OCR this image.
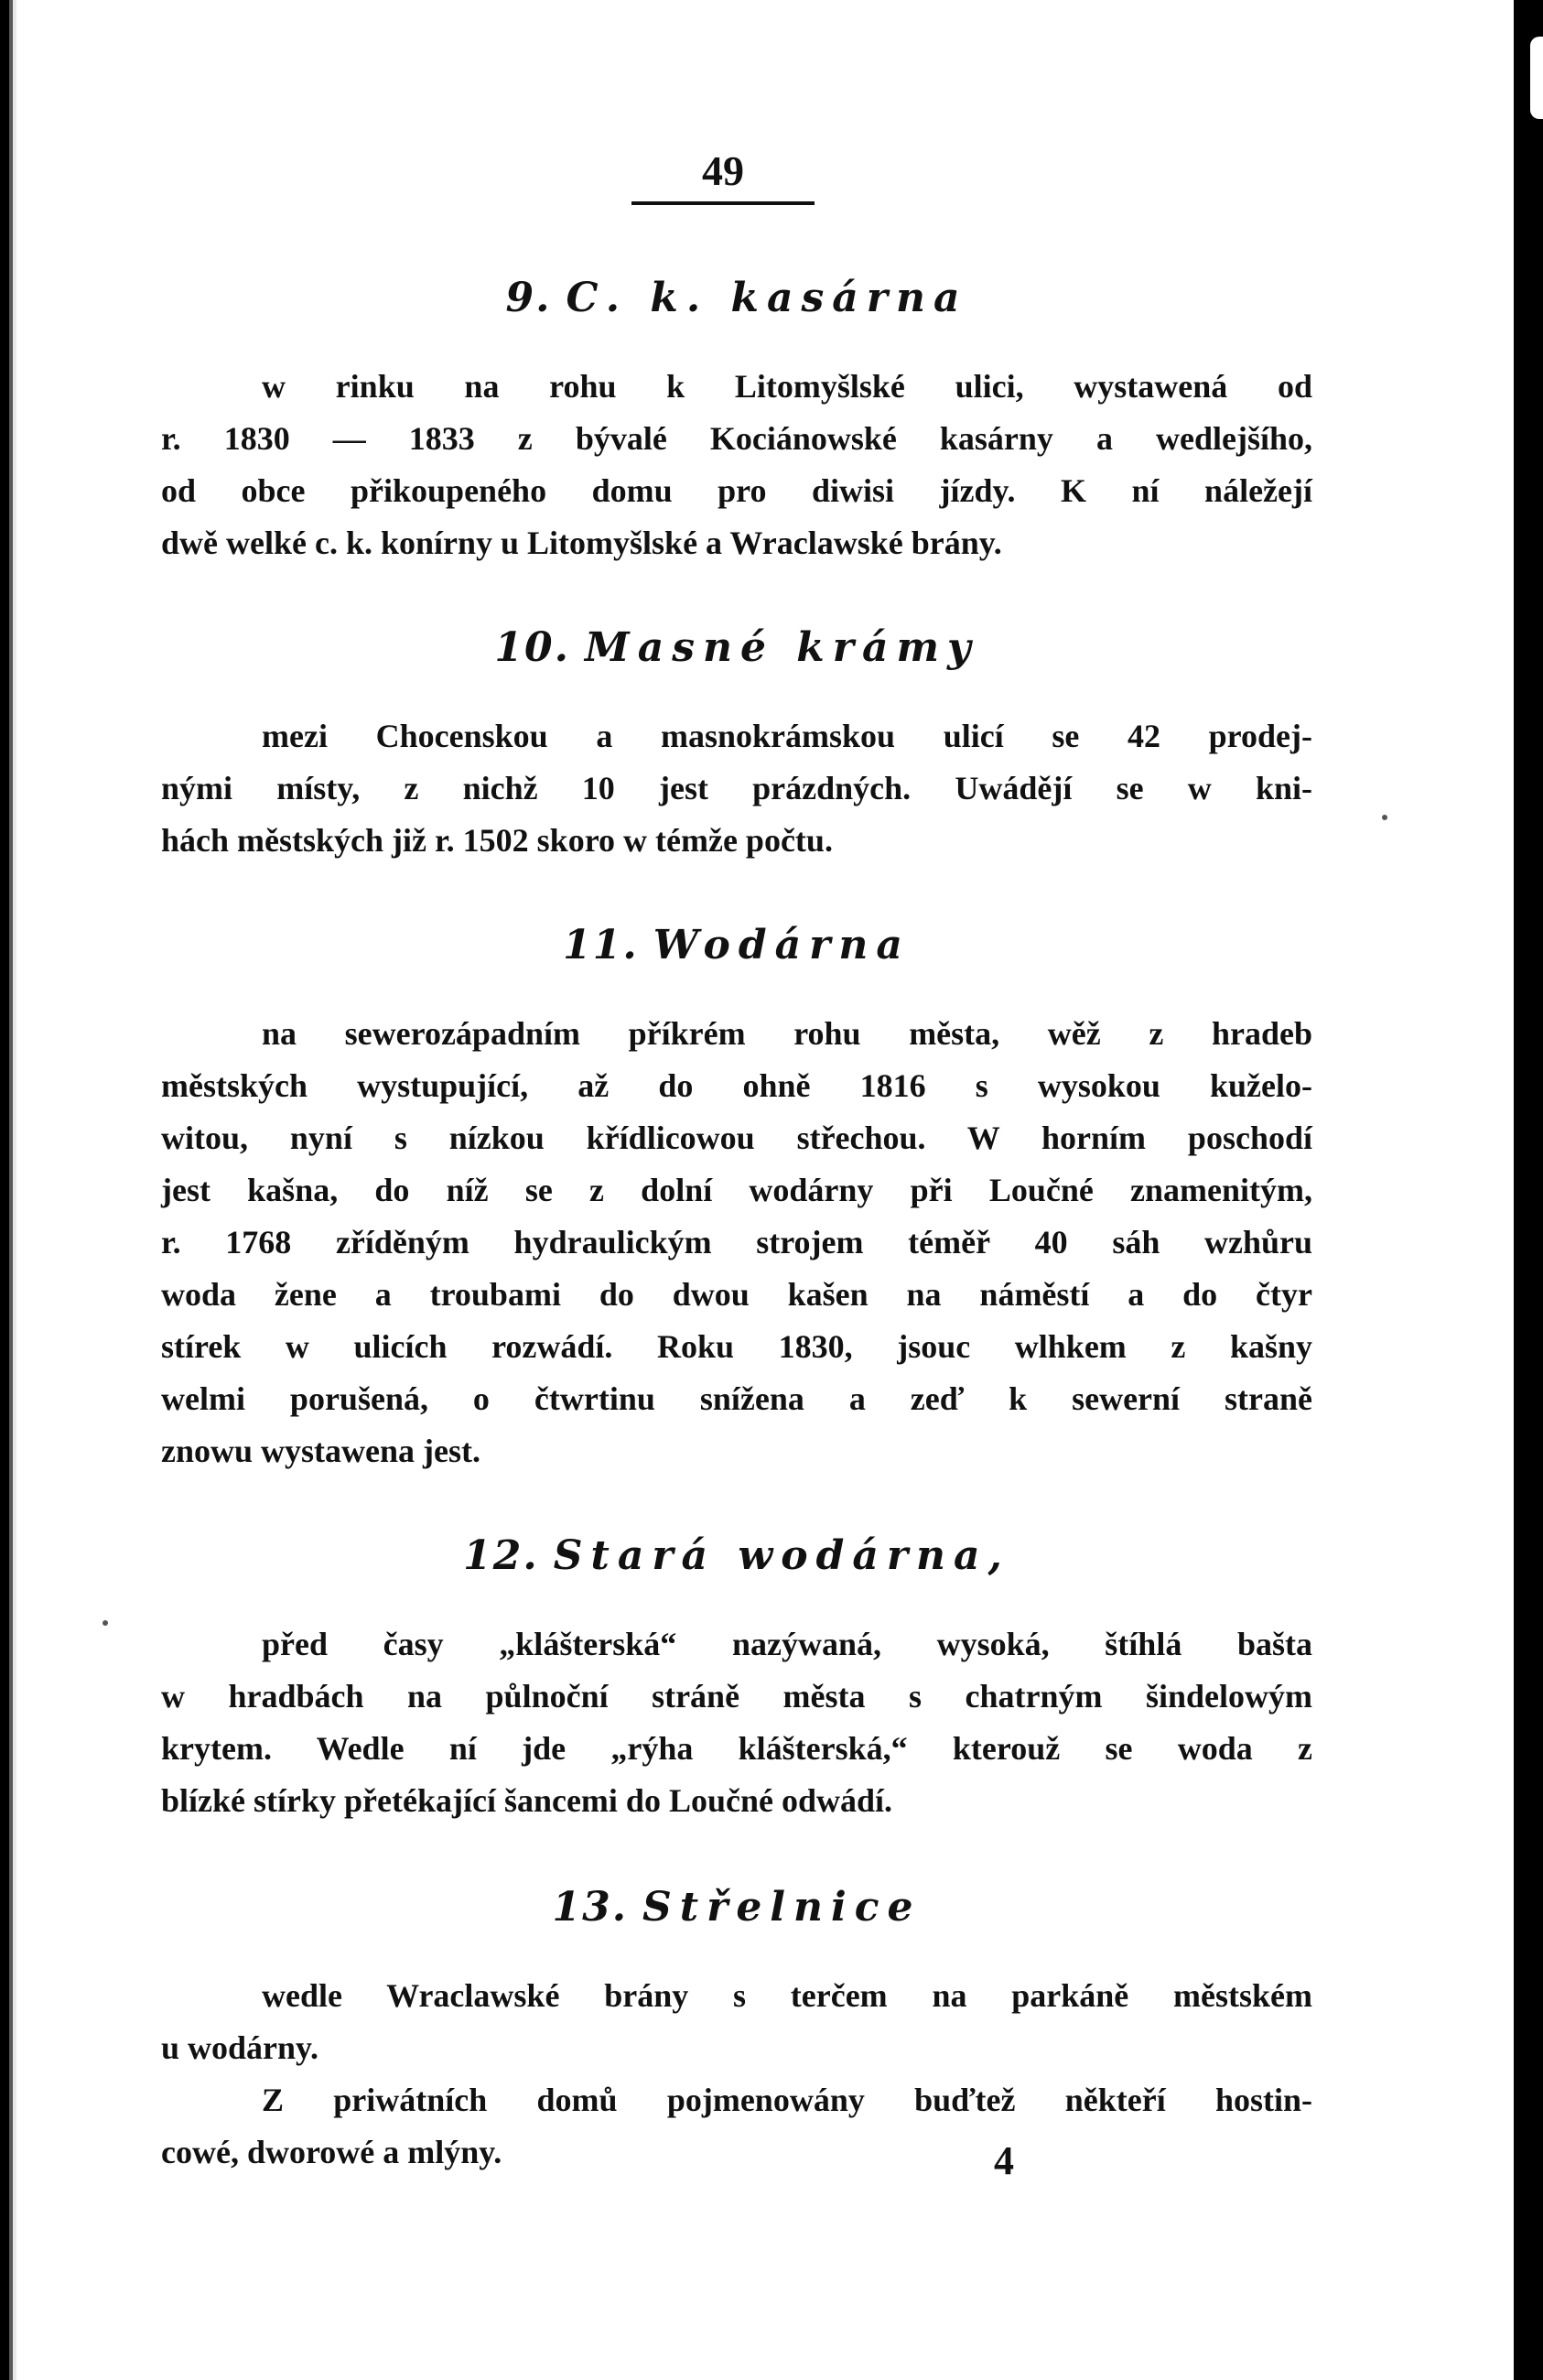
49
9. C. k. kasárna

w rinku na rohu k Litomyšlské ulici, wystawená od
r. 1830 — 1833 z bývalé Kociánowské kasárny a wedlejšího,
od obce přikoupeného domu pro diwisi jízdy. K ní náležejí
dwě welké c. k. konírny u Litomyšlské a Wraclawské brány.

10. Masné krámy

mezi Chocenskou a masnokrámskou ulicí se 42 prodej-
nými místy, z nichž 10 jest prázdných. Uwádějí se w kni-
hách městských již r. 1502 skoro w témže počtu.

11. Wodárna

na sewerozápadním příkrém rohu města, wěž z hradeb
městských wystupující, až do ohně 1816 s wysokou kuželo-
witou, nyní s nízkou křídlicowou střechou. W horním poschodí
jest kašna, do níž se z dolní wodárny při Loučné znamenitým,
r. 1768 zříděným hydraulickým strojem téměř 40 sáh wzhůru
woda žene a troubami do dwou kašen na náměstí a do čtyr
stírek w ulicích rozwádí. Roku 1830, jsouc wlhkem z kašny
welmi porušená, o čtwrtinu snížena a zeď k sewerní straně
znowu wystawena jest.

12. Stará wodárna,

před časy „klášterská“ nazýwaná, wysoká, štíhlá bašta
w hradbách na půlnoční stráně města s chatrným šindelowým
krytem. Wedle ní jde „rýha klášterská,“ kterouž se woda z
blízké stírky přetékající šancemi do Loučné odwádí.

13. Střelnice

wedle Wraclawské brány s terčem na parkáně městském
u wodárny.
Z priwátních domů pojmenowány buďtež někteří hostin-
cowé, dworowé a mlýny.	4
